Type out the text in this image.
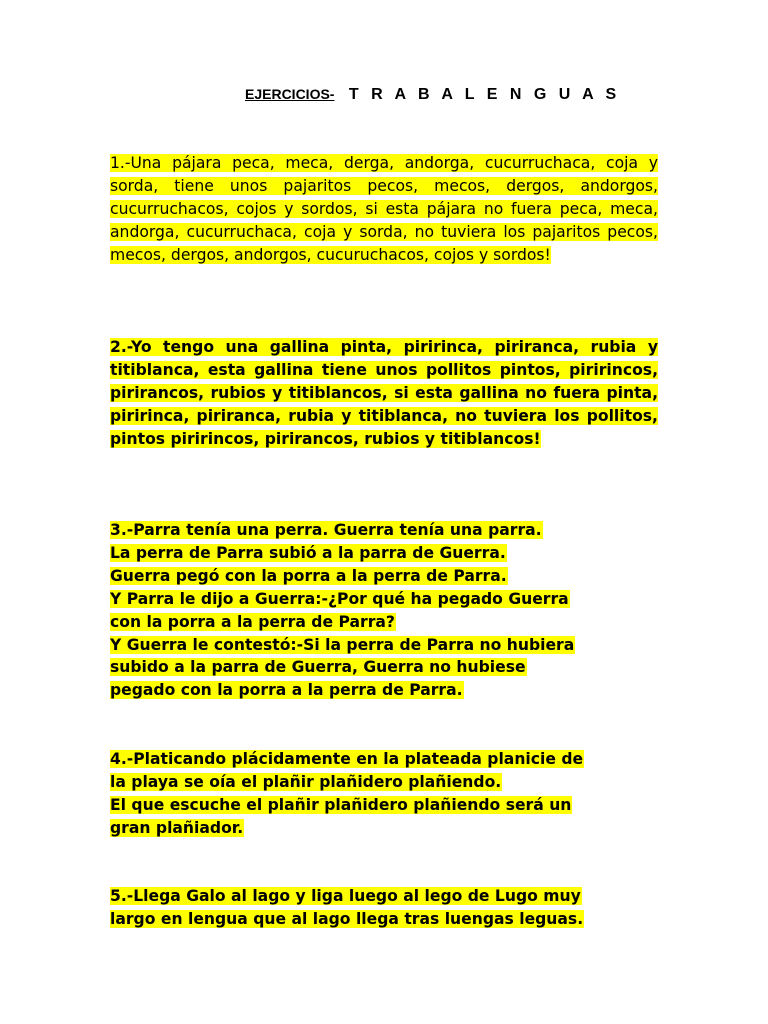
EJERCICIOS- T R A B A L E N G U A S
1.-Una pájara peca, meca, derga, andorga, cucurruchaca, coja y sorda, tiene unos pajaritos pecos, mecos, dergos, andorgos, cucurruchacos, cojos y sordos, si esta pájara no fuera peca, meca, andorga, cucurruchaca, coja y sorda, no tuviera los pajaritos pecos, mecos, dergos, andorgos, cucuruchacos, cojos y sordos!
2.-Yo tengo una gallina pinta, piririnca, piriranca, rubia y titiblanca, esta gallina tiene unos pollitos pintos, piririncos, pirirancos, rubios y titiblancos, si esta gallina no fuera pinta, piririnca, piriranca, rubia y titiblanca, no tuviera los pollitos, pintos piririncos, pirirancos, rubios y titiblancos!
3.-Parra tenía una perra. Guerra tenía una parra.
La perra de Parra subió a la parra de Guerra.
Guerra pegó con la porra a la perra de Parra.
Y Parra le dijo a Guerra:-¿Por qué ha pegado Guerra
con la porra a la perra de Parra?
Y Guerra le contestó:-Si la perra de Parra no hubiera
subido a la parra de Guerra, Guerra no hubiese
pegado con la porra a la perra de Parra.
4.-Platicando plácidamente en la plateada planicie de
la playa se oía el plañir plañidero plañiendo.
El que escuche el plañir plañidero plañiendo será un
gran plañiador.
5.-Llega Galo al lago y liga luego al lego de Lugo muy
largo en lengua que al lago llega tras luengas leguas.
